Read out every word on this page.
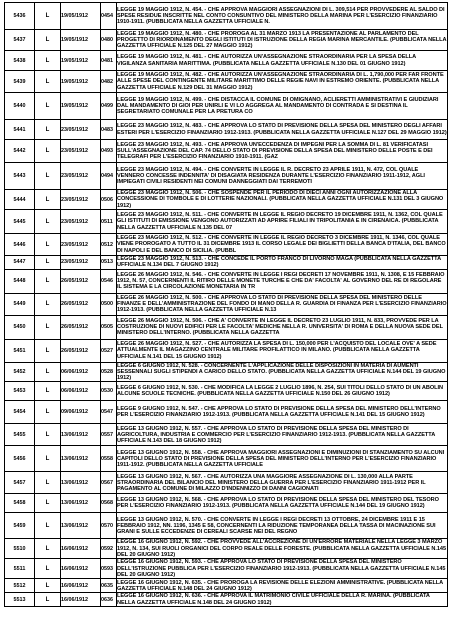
5436	L	19/05/1912	0454	LEGGE 19 MAGGIO 1912, N. 454. - CHE APPROVA MAGGIORI ASSEGNAZIONI DI L. 309,514 PER PROVVEDERE AL SALDO DI SPESE RESIDUE INSCRITTE NEL CONTO CONSUNTIVO DEL MINISTERO DELLA MARINA PER L'ESERCIZIO FINANZIARIO 1910-1911. (PUBBLICATA NELLA GAZZETTA UFFICIALE N.
5437	L	19/05/1912	0480	LEGGE 19 MAGGIO 1912, N. 480. - CHE PROROGA AL 31 MARZO 1913 LA PRESENTAZIONE AL PARLAMENTO DEL PROGETTO DI RIORDINAMENTO DEGLI ISTITUTI DI ISTRUZIONE DELLA REGIA MARINA MERCANTILE. (PUBBLICATA NELLA GAZZETTA UFFICIALE N.125 DEL 27 MAGGIO 1912)
5438	L	19/05/1912	0481	LEGGE 19 MAGGIO 1912, N. 481. - CHE AUTORIZZA UN'ASSEGNAZIONE STRAORDINARIA PER LA SPESA DELLA VIGILANZA SANITARIA MARITTIMA. (PUBBLICATA NELLA GAZZETTA UFFICIALE N.130 DEL 01 GIUGNO 1912)
5439	L	19/05/1912	0482	LEGGE 19 MAGGIO 1912, N. 482. - CHE AUTORIZZA UN'ASSEGNAZIONE STRAORDINARIA DI L. 1,790,000 PER FAR FRONTE ALLE SPESE DEL CONTINGENTE MILITARE MARITTIMO DELLE REGIE NAVI IN ESTREMO ORIENTE. (PUBBLICATA NELLA GAZZETTA UFFICIALE N.129 DEL 31 MAGGIO 1912)
5440	L	19/05/1912	0499	LEGGE 19 MAGGIO 1912, N. 499. - CHE DISTACCA IL COMUNE DI OMIGNANO, ACLIERETTI AMMINISTRATIVI E GIUDIZIARI DAL MANDAMENTO DI GIOI PER UNIRLI E VI LO AGGREGA AL MANDAMENTO DI CONTRADA E SI DESTINA IL SEGRETARIATO COMUNALE PER LA PRETURA CO
5441	L	23/05/1912	0483	LEGGE 23 MAGGIO 1912, N. 483. - CHE APPROVA LO STATO DI PREVISIONE DELLA SPESA DEL MINISTERO DEGLI AFFARI ESTERI PER L'ESERCIZIO FINANZIARIO 1912-1913. (PUBBLICATA NELLA GAZZETTA UFFICIALE N.127 DEL 29 MAGGIO 1912)
5442	L	23/05/1912	0493	LEGGE 23 MAGGIO 1912, N. 493. - CHE APPROVA UN'ECCEDENZA DI IMPEGNI PER LA SOMMA DI L. 81 VERIFICATASI SULL'ASSEGNAZIONE DEL CAP. 74 DELLO STATO DI PREVISIONE DELLA SPESA DEL MINISTERO DELLE POSTE E DEI TELEGRAFI PER L'ESERCIZIO FINANZIARIO 1910-1911. (GAZ
5443	L	23/05/1912	0494	LEGGE 23 MAGGIO 1912, N. 494. - CHE CONVERTE IN LEGGE IL R. DECRETO 23 APRILE 1911, N. 472, COL QUALE VENNERO CONCESSE INDENNITA' DI DISAGIATA RESIDENZA DURANTE L'ESERCIZIO FINANZIARIO 1911-1912, AGLI IMPIEGATI CIVILI RESIDENTI NEI COMUNI DANNEGGIATI DAI TERREMOTI
5444	L	23/05/1912	0506	LEGGE 23 MAGGIO 1912, N. 506. - CHE SOSPENDE PER IL PERIODO DI DIECI ANNI OGNI AUTORIZZAZIONE ALLA CONCESSIONE DI TOMBOLE E DI LOTTERIE NAZIONALI. (PUBBLICATA NELLA GAZZETTA UFFICIALE N.131 DEL 3 GIUGNO 1912)
5445	L	23/05/1912	0511	LEGGE 23 MAGGIO 1912, N. 511. - CHE CONVERTE IN LEGGE IL REGIO DECRETO 19 DICEMBRE 1911, N. 1362, COL QUALE GLI ISTITUTI DI EMISSIONE VENGONO AUTORIZZATI AD APRIRE FILIALI IN TRIPOLITANIA E IN CIRENAICA. (PUBBLICATA NELLA GAZZETTA UFFICIALE N.135 DEL 07
5446	L	23/05/1912	0512	LEGGE 23 MAGGIO 1912, N. 512. - CHE CONVERTE IN LEGGE IL REGIO DECRETO 3 DICEMBRE 1911, N. 1346, COL QUALE VIENE PROROGATO A TUTTO IL 31 DICEMBRE 1913 IL CORSO LEGALE DEI BIGLIETTI DELLA BANCA D'ITALIA, DEL BANCO DI NAPOLI E DEL BANCO DI SICILIA. (PUBBL
5447	L	23/05/1912	0513	LEGGE 23 MAGGIO 1912, N. 513. - CHE CONCEDE IL PORTO FRANCO DI LIVORNO MAGA (PUBBLICATA NELLA GAZZETTA UFFICIALE N.134 DEL 7 GIUGNO 1912)
5448	L	26/05/1912	0546	LEGGE 26 MAGGIO 1912, N. 546. - CHE CONVERTE IN LEGGE I REGI DECRETI 17 NOVEMBRE 1911, N. 1308, E 15 FEBBRAIO 1912, N. 57, CONCERNENTI IL RITIRO DELLE MONETE TURCHE E CHE DA' FACOLTA' AL GOVERNO DEL RE DI REGOLARE IL SISTEMA E LA CIRCOLAZIONE MONETARIA IN TR
5449	L	26/05/1912	0500	LEGGE 26 MAGGIO 1912, N. 500. - CHE APPROVA LO STATO DI PREVISIONE DELLA SPESA DEL MINISTERO DELLE FINANZE E DELL'AMMINISTRAZIONE DEL FONDO DI MANO DELLA R. GUARDIA DI FINANZA PER L'ESERCIZIO FINANZIARIO 1912-1913. (PUBBLICATA NELLA GAZZETTA UFFICIALE N.13
5450	L	26/05/1912	0505	LEGGE 26 MAGGIO 1912, N. 506. - CHE A' CONVERTE IN LEGGE IL DECRETO 23 LUGLIO 1911, N. 833, PROVVEDE PER LA COSTRUZIONE DI NUOVI EDIFICI PER LE FACOLTA' MEDICHE NELLA R. UNIVERSITA' DI ROMA E DELLA NUOVA SEDE DEL MINISTERO DELL'INTERNO. (PUBBLICATA NELLA GAZZETTA
5451	L	26/05/1912	0527	LEGGE 26 MAGGIO 1912, N. 527. - CHE AUTORIZZA LA SPESA DI L. 150,000 PER L'ACQUISTO DEL LOCALE OVE' A SEDE ATTUALMENTE IL MAGAZZINO CENTRALE MILITARE PROFILATTICO IN MILANO. (PUBBLICATA NELLA GAZZETTA UFFICIALE N.141 DEL 15 GIUGNO 1912)
5452	L	06/06/1912	0528	LEGGE 6 GIUGNO 1912, N. 528. - CONCERNENTE L'APPLICAZIONE DELLE DISPOSIZIONI IN MATERIA DI AUMENTI SESSENNALI SUGLI STIPENDI A CARICO DELLO STATO. (PUBBLICATA NELLA GAZZETTA UFFICIALE N.144 DEL 19 GIUGNO 1912)
5453	L	06/06/1912	0530	LEGGE 6 GIUGNO 1912, N. 530. - CHE MODIFICA LA LEGGE 2 LUGLIO 1896, N. 254, SUI TITOLI DELLO STATO DI UN ABOLIN ALCUNE SCUOLE TECNICHE. (PUBBLICATA NELLA GAZZETTA UFFICIALE N.150 DEL 26 GIUGNO 1912)
5454	L	09/06/1912	0547	LEGGE 9 GIUGNO 1912, N. 547. - CHE APPROVA LO STATO DI PREVISIONE DELLA SPESA DEL MINISTERO DELL'INTERNO PER L'ESERCIZIO FINANZIARIO 1912-1913. (PUBBLICATA NELLA GAZZETTA UFFICIALE N.141 DEL 15 GIUGNO 1912)
5455	L	13/06/1912	0557	LEGGE 13 GIUGNO 1912, N. 557. - CHE APPROVA LO STATO DI PREVISIONE DELLA SPESA DEL MINISTERO DI AGRICOLTURA, INDUSTRIA E COMMERCIO PER L'ESERCIZIO FINANZIARIO 1912-1913. (PUBBLICATA NELLA GAZZETTA UFFICIALE N.143 DEL 18 GIUGNO 1912)
5456	L	13/06/1912	0558	LEGGE 13 GIUGNO 1912, N. 558. - CHE APPROVA MAGGIORI ASSEGNAZIONI E DIMINUZIONI DI STANZIAMENTO SU ALCUNI CAPITOLI DELLO STATO DI PREVISIONE DELLA SPESA DEL MINISTERO DELL'INTERNO PER L'ESERCIZIO FINANZIARIO 1911-1912. (PUBBLICATA NELLA GAZZETTA UFFICIALE
5457	L	13/06/1912	0567	LEGGE 13 GIUGNO 1912, N. 567. - CHE AUTORIZZA UNA MAGGIORE ASSEGNAZIONE DI L. 130,000 ALLA PARTE STRAORDINARIA DEL BILANCIO DEL MINISTERO DELLA GUERRA PER L'ESERCIZIO FINANZIARIO 1911-1912 PER IL PAGAMENTO AL COMUNE DI MILAZZO D'INDENNIZZO DI DANNI CAGIONATI
5458	L	13/06/1912	0568	LEGGE 13 GIUGNO 1912, N. 568. - CHE APPROVA LO STATO DI PREVISIONE DELLA SPESA DEL MINISTERO DEL TESORO PER L'ESERCIZIO FINANZIARIO 1912-1913. (PUBBLICATA NELLA GAZZETTA UFFICIALE N.144 DEL 19 GIUGNO 1912)
5459	L	13/06/1912	0570	LEGGE 13 GIUGNO 1912, N. 570. - CHE CONVERTE IN LEGGE I REGI DECRETI 13 OTTOBRE, 24 DICEMBRE 1911 E 15 FEBBRAIO 1912, NN. 1196, 1345 E 58, CONCERNENTI LA RIDUZIONE TEMPORANEA DELLA TASSA DI MACINAZIONE SUI GRANI E SULLE ECCEDENZE DI CEREALI SCARSE NEI DEL REGNO
5510	L	16/06/1912	0592	LEGGE 16 GIUGNO 1912, N. 592. - CHE PROVVEDE ALL'ACCREZIONE DI UN'ERRORE MATERIALE NELLA LEGGE 3 MARZO 1912, N. 134, SUI RUOLI ORGANICI DEL CORPO REALE DELLE FORESTE. (PUBBLICATA NELLA GAZZETTA UFFICIALE N.145 DEL 20 GIUGNO 1912)
5511	L	16/06/1912	0593	LEGGE 16 GIUGNO 1912, N. 593. - CHE APPROVA LO STATO DI PREVISIONE DELLA SPESA DEL MINISTERO DELL'ISTRUZIONE PUBBLICA PER L'ESERCIZIO FINANZIARIO 1912-1913. (PUBBLICATA NELLA GAZZETTA UFFICIALE N.145 DEL 20 GIUGNO 1912)
5512	L	16/06/1912	0635	LEGGE 16 GIUGNO 1912, N. 635. - CHE PROROGA LA REVISIONE DELLE ELEZIONI AMMINISTRATIVE. (PUBBLICATA NELLA GAZZETTA UFFICIALE N.148 DEL 24 GIUGNO 1912)
5513	L	16/06/1912	0636	LEGGE 16 GIUGNO 1912, N. 636. - CHE APPROVA IL MATRIMONIO CIVILE UFFICIALE DELLA R. MARINA. (PUBBLICATA NELLA GAZZETTA UFFICIALE N.148 DEL 24 GIUGNO 1912)
